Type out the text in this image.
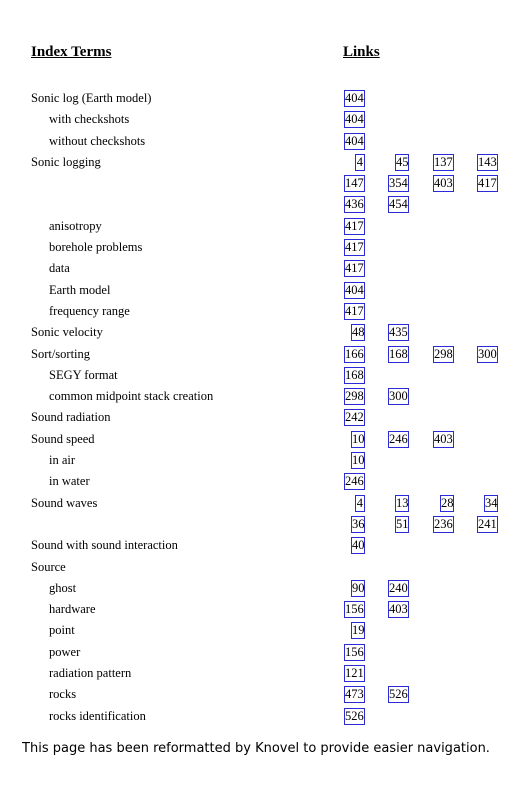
Index Terms	Links
Sonic log (Earth model)	404
with checkshots	404
without checkshots	404
Sonic logging	4	45 137 143
147 354 403 417
436 454
anisotropy	417
borehole problems	417
data	417
Earth model	404
frequency range	417
Sonic velocity	48 435
Sort/sorting	166 168 298 300
SEGY format	168
common midpoint stack creation	298 300
Sound radiation	242
Sound speed	10 246 403
in air	10
in water	246
Sound waves	4	13	28	34
36	51 236 241
Sound with sound interaction	40
Source
ghost	90 240
hardware	156 403
point	19
power	156
radiation pattern	121
rocks	473 526
rocks identification	526
This page has been reformatted by Knovel to provide easier navigation.
